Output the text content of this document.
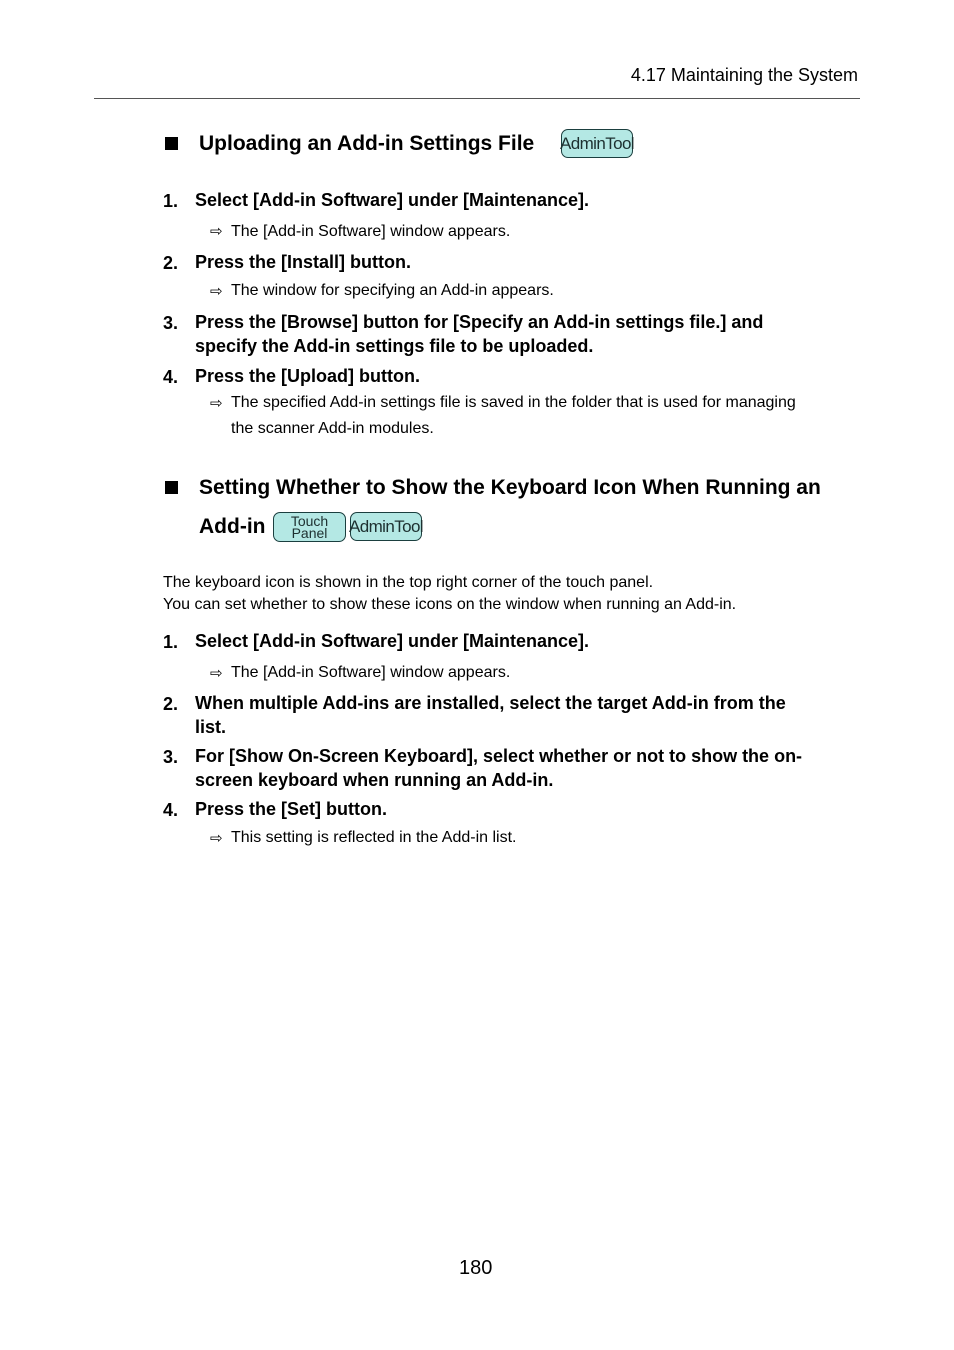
4.17 Maintaining the System
Uploading an Add-in Settings File AdminTool
1. Select [Add-in Software] under [Maintenance].
⇨ The [Add-in Software] window appears.
2. Press the [Install] button.
⇨ The window for specifying an Add-in appears.
3. Press the [Browse] button for [Specify an Add-in settings file.] and
specify the Add-in settings file to be uploaded.
4. Press the [Upload] button.
⇨ The specified Add-in settings file is saved in the folder that is used for managing
the scanner Add-in modules.
Setting Whether to Show the Keyboard Icon When Running an
Add-in Touch
Panel AdminTool
The keyboard icon is shown in the top right corner of the touch panel.
You can set whether to show these icons on the window when running an Add-in.
1. Select [Add-in Software] under [Maintenance].
⇨ The [Add-in Software] window appears.
2. When multiple Add-ins are installed, select the target Add-in from the
list.
3. For [Show On-Screen Keyboard], select whether or not to show the on-
screen keyboard when running an Add-in.
4. Press the [Set] button.
⇨ This setting is reflected in the Add-in list.
180
